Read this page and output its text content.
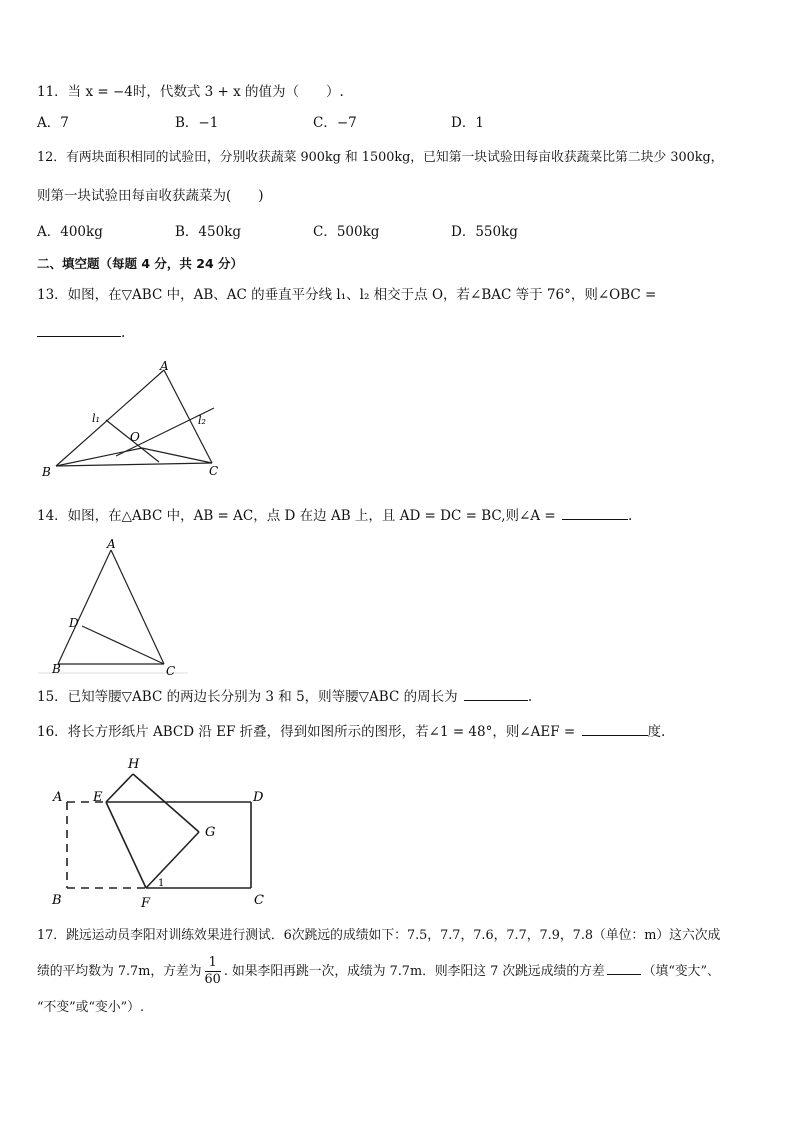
11．当 x = −4时，代数式 3 + x 的值为（　　）.
A．7	B．−1	C．−7	D．1
12．有两块面积相同的试验田，分别收获蔬菜 900kg 和 1500kg，已知第一块试验田每亩收获蔬菜比第二块少 300kg，
则第一块试验田每亩收获蔬菜为(　　)
A．400kg	B．450kg	C．500kg	D．550kg
二、填空题（每题 4 分，共 24 分）
13．如图，在▽ABC 中，AB、AC 的垂直平分线 l₁、l₂ 相交于点 O，若∠BAC 等于 76°，则∠OBC =
.
A
B	C
O
l₁	l₂
14．如图，在△ABC 中，AB = AC，点 D 在边 AB 上，且 AD = DC = BC,则∠A =	.
A
D
B	C
15．已知等腰▽ABC 的两边长分别为 3 和 5，则等腰▽ABC 的周长为	.
16．将长方形纸片 ABCD 沿 EF 折叠，得到如图所示的图形，若∠1 = 48°，则∠AEF =	度.
A E
H
D
G
B	F	C
1
17．跳远运动员李阳对训练效果进行测试．6次跳远的成绩如下：7.5，7.7，7.6，7.7，7.9，7.8（单位：m）这六次成
绩的平均数为 7.7m，方差为 $\frac{1}{60}$ . 如果李阳再跳一次，成绩为 7.7m．则李阳这 7 次跳远成绩的方差	（填“变大”、
“不变”或“变小”）.
